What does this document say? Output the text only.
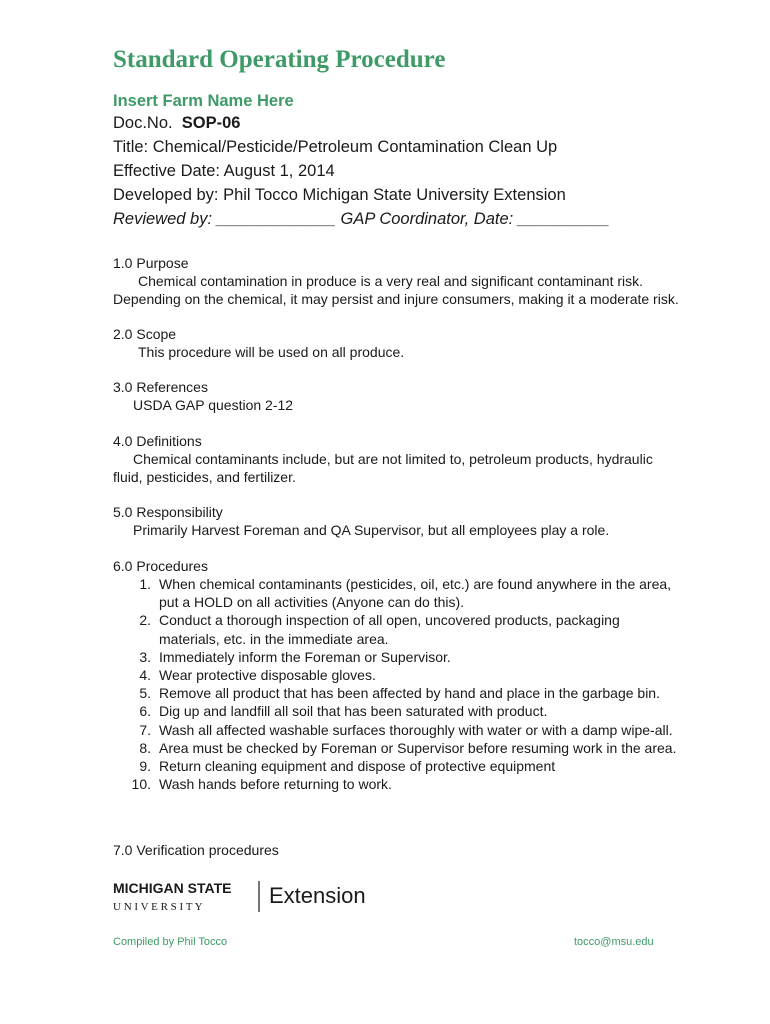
Standard Operating Procedure
Insert Farm Name Here
Doc.No. SOP-06
Title: Chemical/Pesticide/Petroleum Contamination Clean Up
Effective Date: August 1, 2014
Developed by: Phil Tocco Michigan State University Extension
Reviewed by: _____________ GAP Coordinator, Date: __________
1.0 Purpose
Chemical contamination in produce is a very real and significant contaminant risk.
Depending on the chemical, it may persist and injure consumers, making it a moderate risk.
2.0 Scope
This procedure will be used on all produce.
3.0 References
USDA GAP question 2-12
4.0 Definitions
Chemical contaminants include, but are not limited to, petroleum products, hydraulic
fluid, pesticides, and fertilizer.
5.0 Responsibility
Primarily Harvest Foreman and QA Supervisor, but all employees play a role.
6.0 Procedures
1. When chemical contaminants (pesticides, oil, etc.) are found anywhere in the area,
put a HOLD on all activities (Anyone can do this).
2. Conduct a thorough inspection of all open, uncovered products, packaging
materials, etc. in the immediate area.
3. Immediately inform the Foreman or Supervisor.
4. Wear protective disposable gloves.
5. Remove all product that has been affected by hand and place in the garbage bin.
6. Dig up and landfill all soil that has been saturated with product.
7. Wash all affected washable surfaces thoroughly with water or with a damp wipe-all.
8. Area must be checked by Foreman or Supervisor before resuming work in the area.
9. Return cleaning equipment and dispose of protective equipment
10. Wash hands before returning to work.
7.0 Verification procedures
MICHIGAN STATE
U N I V E R S I T Y	Extension
Compiled by Phil Tocco	tocco@msu.edu
